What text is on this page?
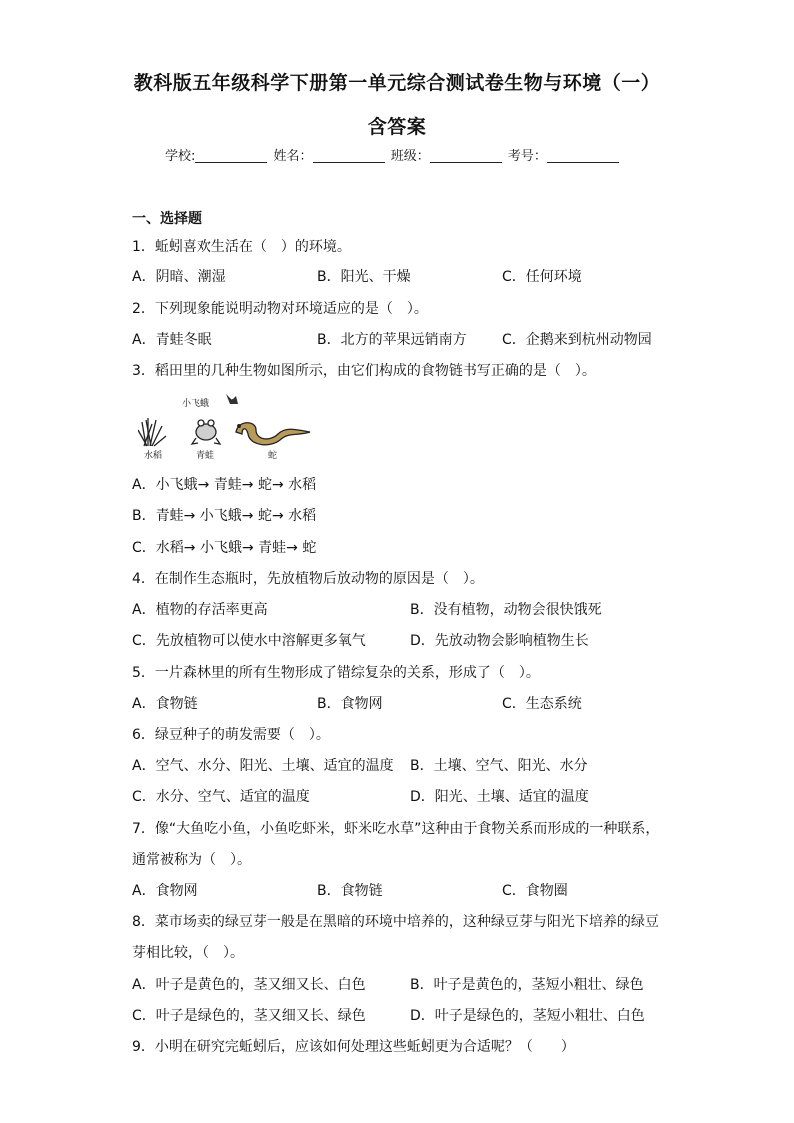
教科版五年级科学下册第一单元综合测试卷生物与环境（一）
含答案
学校:	姓名：	班级：	考号：
一、选择题
1．蚯蚓喜欢生活在（　）的环境。
A．阴暗、潮湿	B．阳光、干燥	C．任何环境
2．下列现象能说明动物对环境适应的是（　）。
A．青蛙冬眠	B．北方的苹果远销南方	C．企鹅来到杭州动物园
3．稻田里的几种生物如图所示，由它们构成的食物链书写正确的是（　）。
小飞蛾
水稻	青蛙	蛇
A．小飞蛾→ 青蛙→ 蛇→ 水稻
B．青蛙→ 小飞蛾→ 蛇→ 水稻
C．水稻→ 小飞蛾→ 青蛙→ 蛇
4．在制作生态瓶时，先放植物后放动物的原因是（　）。
A．植物的存活率更高	B．没有植物，动物会很快饿死
C．先放植物可以使水中溶解更多氧气	D．先放动物会影响植物生长
5．一片森林里的所有生物形成了错综复杂的关系，形成了（　）。
A．食物链	B．食物网	C．生态系统
6．绿豆种子的萌发需要（　）。
A．空气、水分、阳光、土壤、适宜的温度 B．土壤、空气、阳光、水分
C．水分、空气、适宜的温度	D．阳光、土壤、适宜的温度
7．像“大鱼吃小鱼，小鱼吃虾米，虾米吃水草”这种由于食物关系而形成的一种联系，
通常被称为（　）。
A．食物网	B．食物链	C．食物圈
8．菜市场卖的绿豆芽一般是在黑暗的环境中培养的，这种绿豆芽与阳光下培养的绿豆
芽相比较，（　）。
A．叶子是黄色的，茎又细又长、白色	B．叶子是黄色的，茎短小粗壮、绿色
C．叶子是绿色的，茎又细又长、绿色	D．叶子是绿色的，茎短小粗壮、白色
9．小明在研究完蚯蚓后，应该如何处理这些蚯蚓更为合适呢？（　　）
